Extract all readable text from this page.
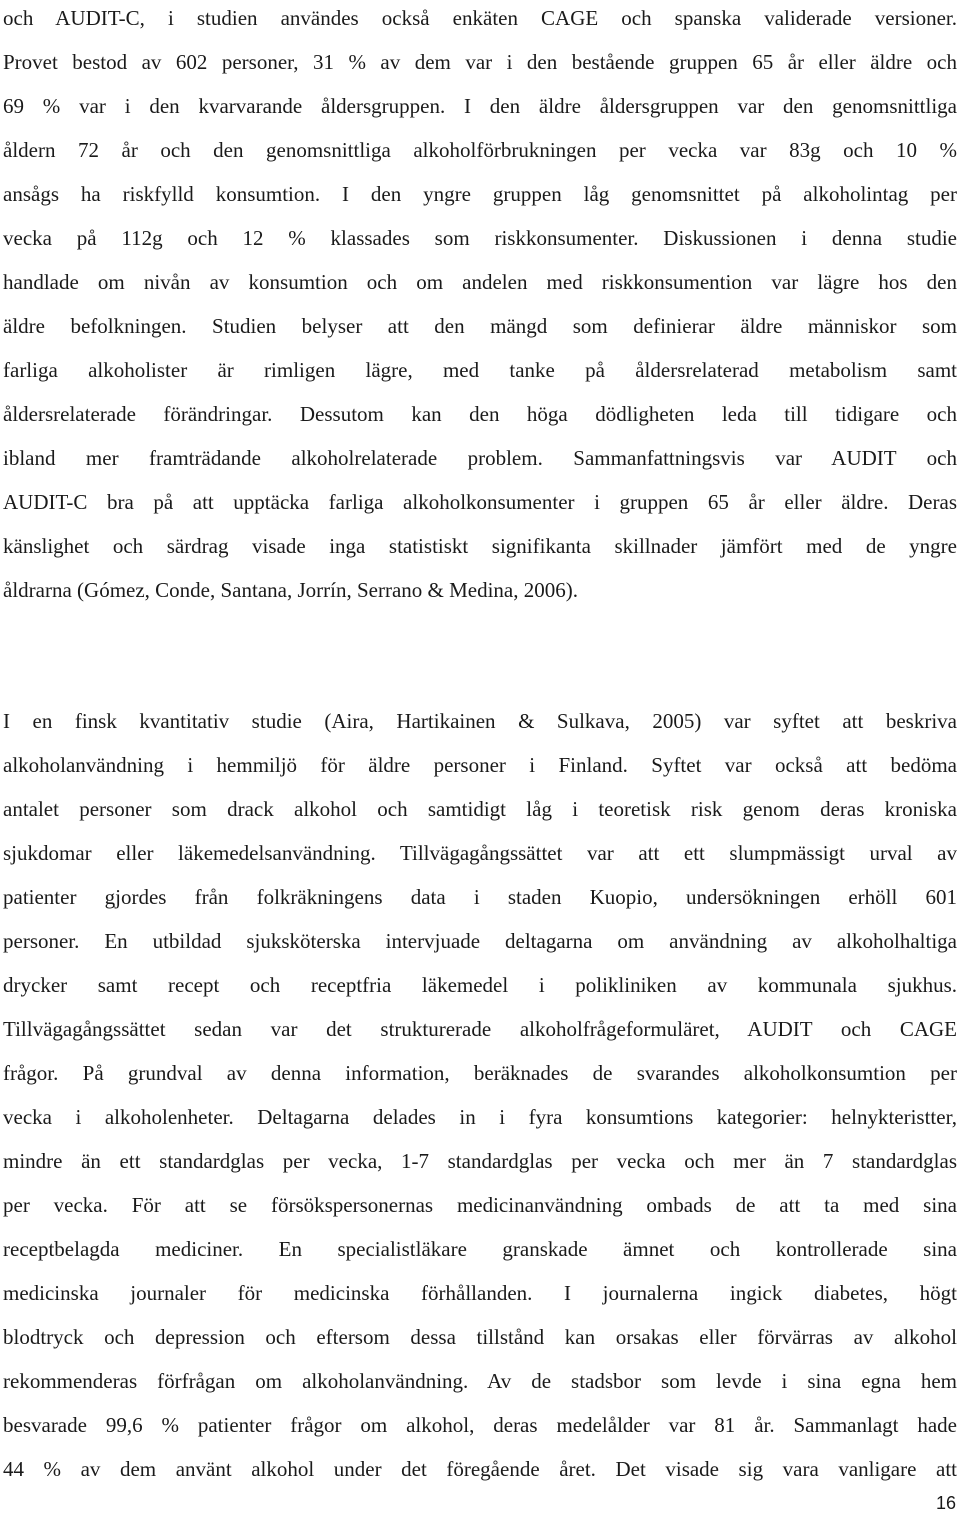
och AUDIT-C, i studien användes också enkäten CAGE och spanska validerade versioner.
Provet bestod av 602 personer, 31 % av dem var i den bestående gruppen 65 år eller äldre och
69 % var i den kvarvarande åldersgruppen. I den äldre åldersgruppen var den genomsnittliga
åldern 72 år och den genomsnittliga alkoholförbrukningen per vecka var 83g och 10 %
ansågs ha riskfylld konsumtion. I den yngre gruppen låg genomsnittet på alkoholintag per
vecka på 112g och 12 % klassades som riskkonsumenter. Diskussionen i denna studie
handlade om nivån av konsumtion och om andelen med riskkonsumention var lägre hos den
äldre befolkningen. Studien belyser att den mängd som definierar äldre människor som
farliga alkoholister är rimligen lägre, med tanke på åldersrelaterad metabolism samt
åldersrelaterade förändringar. Dessutom kan den höga dödligheten leda till tidigare och
ibland mer framträdande alkoholrelaterade problem. Sammanfattningsvis var AUDIT och
AUDIT-C bra på att upptäcka farliga alkoholkonsumenter i gruppen 65 år eller äldre. Deras
känslighet och särdrag visade inga statistiskt signifikanta skillnader jämfört med de yngre
åldrarna (Gómez, Conde, Santana, Jorrín, Serrano & Medina, 2006).
I en finsk kvantitativ studie (Aira, Hartikainen & Sulkava, 2005) var syftet att beskriva
alkoholanvändning i hemmiljö för äldre personer i Finland. Syftet var också att bedöma
antalet personer som drack alkohol och samtidigt låg i teoretisk risk genom deras kroniska
sjukdomar eller läkemedelsanvändning. Tillvägagångssättet var att ett slumpmässigt urval av
patienter gjordes från folkräkningens data i staden Kuopio, undersökningen erhöll 601
personer. En utbildad sjuksköterska intervjuade deltagarna om användning av alkoholhaltiga
drycker samt recept och receptfria läkemedel i polikliniken av kommunala sjukhus.
Tillvägagångssättet sedan var det strukturerade alkoholfrågeformuläret, AUDIT och CAGE
frågor. På grundval av denna information, beräknades de svarandes alkoholkonsumtion per
vecka i alkoholenheter. Deltagarna delades in i fyra konsumtions kategorier: helnykteristter,
mindre än ett standardglas per vecka, 1-7 standardglas per vecka och mer än 7 standardglas
per vecka. För att se försökspersonernas medicinanvändning ombads de att ta med sina
receptbelagda mediciner. En specialistläkare granskade ämnet och kontrollerade sina
medicinska journaler för medicinska förhållanden. I journalerna ingick diabetes, högt
blodtryck och depression och eftersom dessa tillstånd kan orsakas eller förvärras av alkohol
rekommenderas förfrågan om alkoholanvändning. Av de stadsbor som levde i sina egna hem
besvarade 99,6 % patienter frågor om alkohol, deras medelålder var 81 år. Sammanlagt hade
44 % av dem använt alkohol under det föregående året. Det visade sig vara vanligare att
16
